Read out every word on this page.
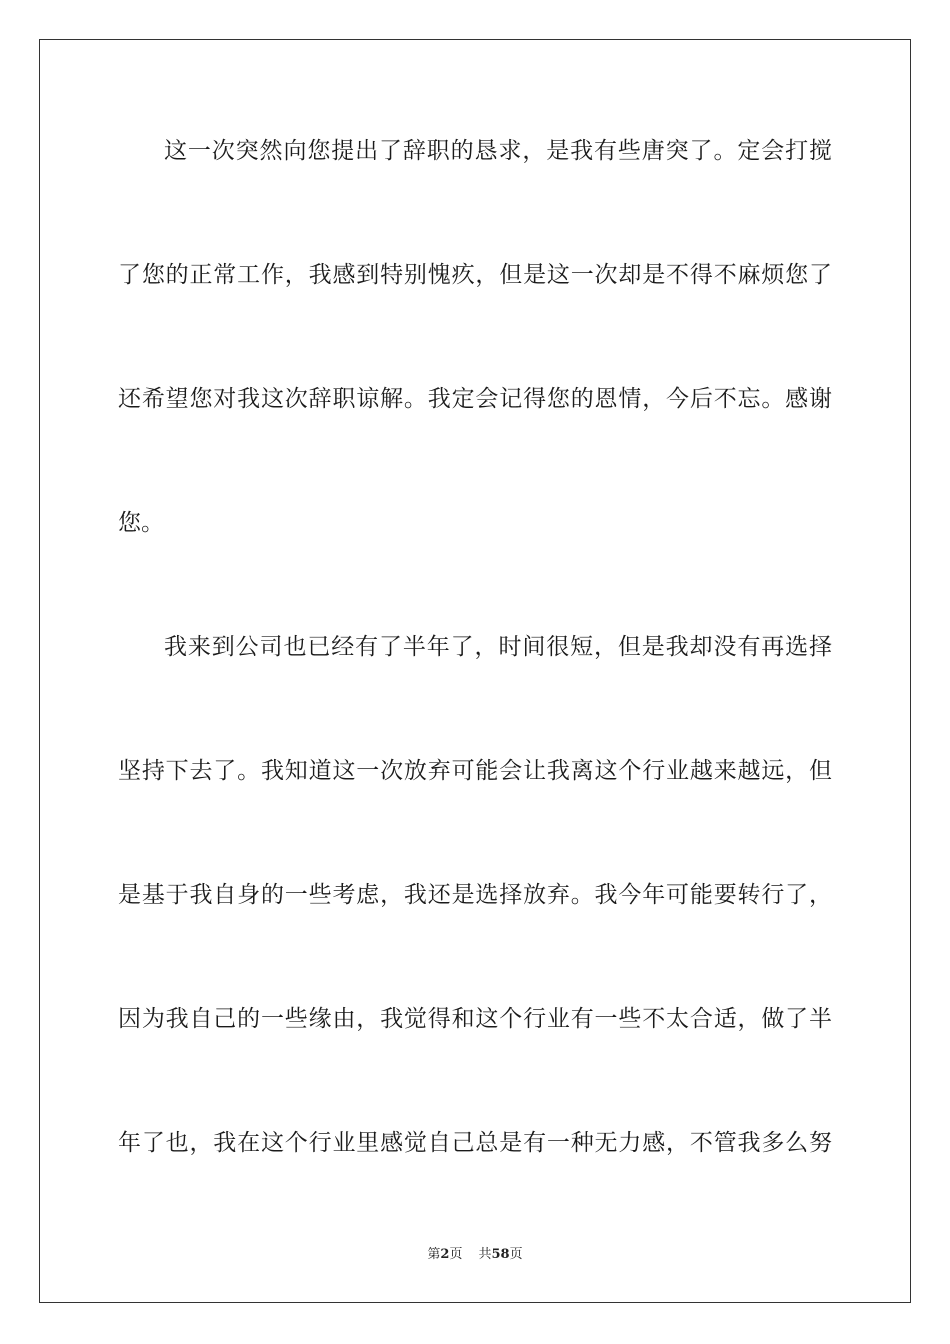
这一次突然向您提出了辞职的恳求，是我有些唐突了。定会打搅
了您的正常工作，我感到特别愧疚，但是这一次却是不得不麻烦您了
还希望您对我这次辞职谅解。我定会记得您的恩情，今后不忘。感谢
您。
我来到公司也已经有了半年了，时间很短，但是我却没有再选择
坚持下去了。我知道这一次放弃可能会让我离这个行业越来越远，但
是基于我自身的一些考虑，我还是选择放弃。我今年可能要转行了，
因为我自己的一些缘由，我觉得和这个行业有一些不太合适，做了半
年了也，我在这个行业里感觉自己总是有一种无力感，不管我多么努
第2页 共58页
